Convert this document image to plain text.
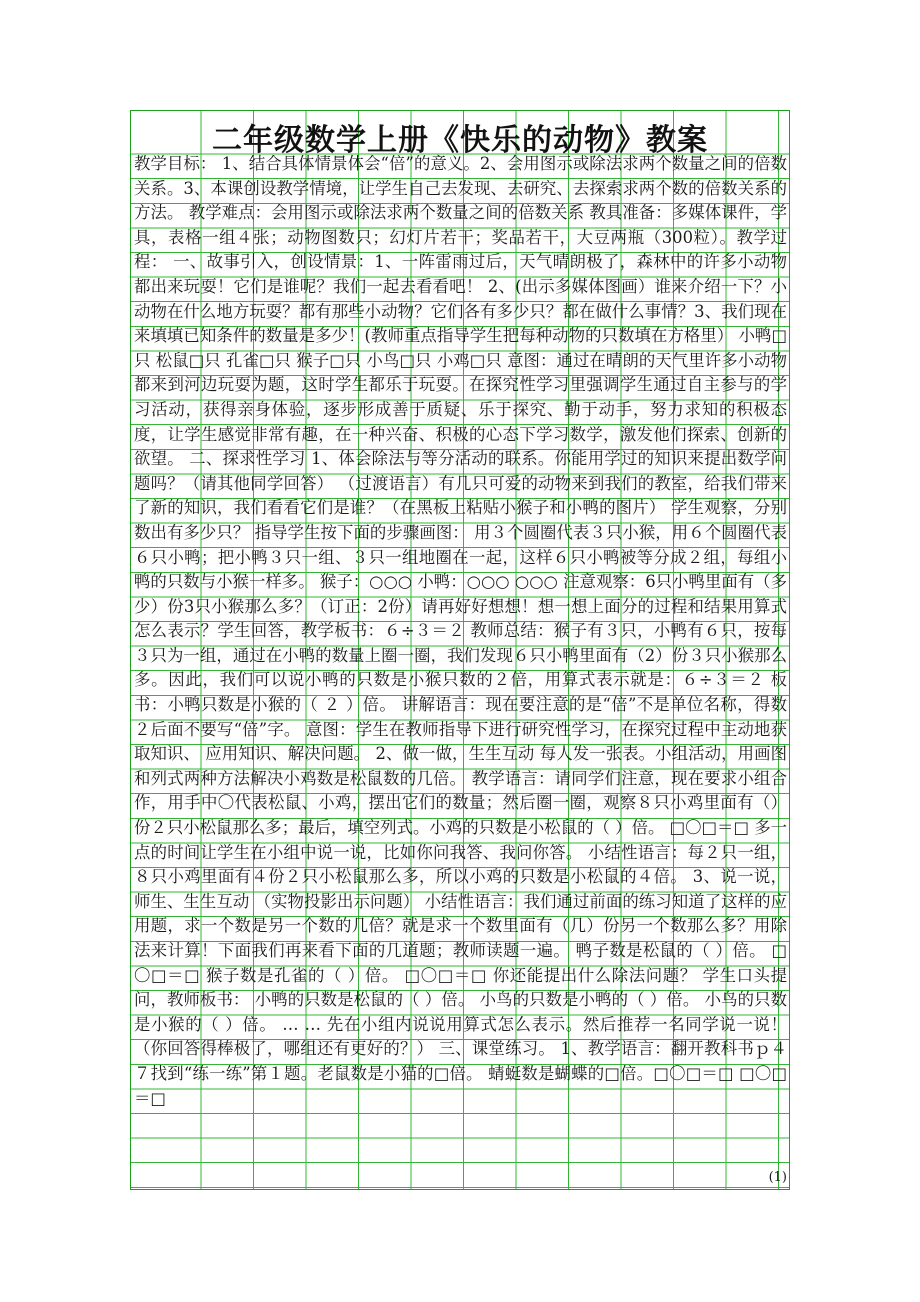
二年级数学上册《快乐的动物》教案

教学目标： 1、结合具体情景体会“倍”的意义。2、会用图示或除法求两个数量之间的倍数关系。3、本课创设教学情境，让学生自己去发现、去研究、去探索求两个数的倍数关系的方法。 教学难点：会用图示或除法求两个数量之间的倍数关系 教具准备：多媒体课件，学具，表格一组４张；动物图数只；幻灯片若干；奖品若干，大豆两瓶（300粒）。教学过程： 一、故事引入，创设情景：1、一阵雷雨过后，天气晴朗极了，森林中的许多小动物都出来玩耍！它们是谁呢？我们一起去看看吧！ 2、(出示多媒体图画）谁来介绍一下？小动物在什么地方玩耍？都有那些小动物？它们各有多少只？都在做什么事情？3、我们现在来填填已知条件的数量是多少！(教师重点指导学生把每种动物的只数填在方格里） 小鸭□只 松鼠□只 孔雀□只 猴子□只 小鸟□只 小鸡□只 意图：通过在晴朗的天气里许多小动物都来到河边玩耍为题，这时学生都乐于玩耍。在探究性学习里强调学生通过自主参与的学习活动，获得亲身体验，逐步形成善于质疑、乐于探究、勤于动手，努力求知的积极态度，让学生感觉非常有趣，在一种兴奋、积极的心态下学习数学，激发他们探索、创新的欲望。 二、探求性学习 1、体会除法与等分活动的联系。你能用学过的知识来提出数学问题吗？（请其他同学回答） （过渡语言）有几只可爱的动物来到我们的教室，给我们带来了新的知识，我们看看它们是谁？（在黑板上粘贴小猴子和小鸭的图片） 学生观察，分别数出有多少只？ 指导学生按下面的步骤画图： 用３个圆圈代表３只小猴，用６个圆圈代表６只小鸭；把小鸭３只一组、３只一组地圈在一起，这样６只小鸭被等分成２组，每组小鸭的只数与小猴一样多。 猴子：○○○ 小鸭：○○○ ○○○ 注意观察：6只小鸭里面有（多少）份3只小猴那么多？（订正：2份）请再好好想想！想一想上面分的过程和结果用算式怎么表示？学生回答，教学板书：６÷３＝２ 教师总结：猴子有３只，小鸭有６只，按每３只为一组，通过在小鸭的数量上圈一圈，我们发现６只小鸭里面有（2）份３只小猴那么多。因此，我们可以说小鸭的只数是小猴只数的２倍，用算式表示就是：６÷３＝２ 板书：小鸭只数是小猴的（ ２ ）倍。 讲解语言：现在要注意的是“倍”不是单位名称，得数２后面不要写“倍”字。 意图：学生在教师指导下进行研究性学习，在探究过程中主动地获取知识、 应用知识、解决问题。 2、做一做，生生互动 每人发一张表。小组活动，用画图和列式两种方法解决小鸡数是松鼠数的几倍。 教学语言：请同学们注意，现在要求小组合作，用手中〇代表松鼠、小鸡，摆出它们的数量；然后圈一圈，观察８只小鸡里面有（）份２只小松鼠那么多；最后，填空列式。小鸡的只数是小松鼠的（ ）倍。 □〇□＝□ 多一点的时间让学生在小组中说一说，比如你问我答、我问你答。 小结性语言：每２只一组，８只小鸡里面有４份２只小松鼠那么多，所以小鸡的只数是小松鼠的４倍。 3、说一说，师生、生生互动 （实物投影出示问题） 小结性语言：我们通过前面的练习知道了这样的应用题，求一个数是另一个数的几倍？就是求一个数里面有（几）份另一个数那么多？用除法来计算！下面我们再来看下面的几道题；教师读题一遍。 鸭子数是松鼠的（ ）倍。 □〇□＝□ 猴子数是孔雀的（ ）倍。 □〇□＝□ 你还能提出什么除法问题？ 学生口头提问，教师板书： 小鸭的只数是松鼠的（ ）倍。 小鸟的只数是小鸭的（ ）倍。 小鸟的只数是小猴的（ ）倍。 … … 先在小组内说说用算式怎么表示。然后推荐一名同学说一说！（你回答得棒极了，哪组还有更好的？） 三、课堂练习。 1、教学语言：翻开教科书ｐ４７找到“练一练”第１题。老鼠数是小猫的□倍。 蜻蜓数是蝴蝶的□倍。□〇□＝□ □〇□＝□

(1)
